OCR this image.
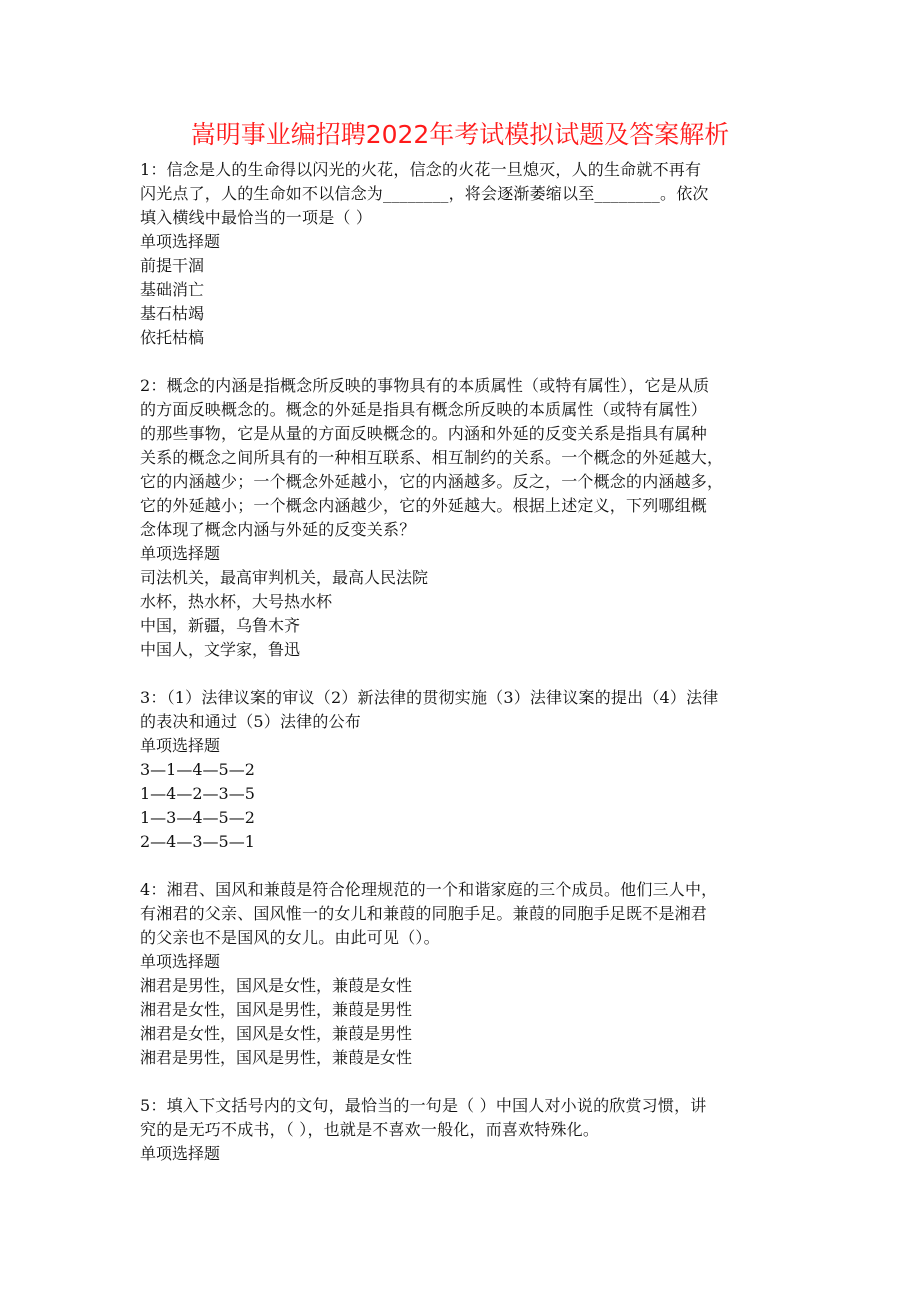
嵩明事业编招聘2022年考试模拟试题及答案解析
1：信念是人的生命得以闪光的火花，信念的火花一旦熄灭，人的生命就不再有
闪光点了，人的生命如不以信念为________，将会逐渐萎缩以至________。依次
填入横线中最恰当的一项是（ ）
单项选择题
前提干涸
基础消亡
基石枯竭
依托枯槁
2：概念的内涵是指概念所反映的事物具有的本质属性（或特有属性），它是从质
的方面反映概念的。概念的外延是指具有概念所反映的本质属性（或特有属性）
的那些事物，它是从量的方面反映概念的。内涵和外延的反变关系是指具有属种
关系的概念之间所具有的一种相互联系、相互制约的关系。一个概念的外延越大，
它的内涵越少；一个概念外延越小，它的内涵越多。反之，一个概念的内涵越多，
它的外延越小；一个概念内涵越少，它的外延越大。根据上述定义，下列哪组概
念体现了概念内涵与外延的反变关系？
单项选择题
司法机关，最高审判机关，最高人民法院
水杯，热水杯，大号热水杯
中国，新疆，乌鲁木齐
中国人，文学家，鲁迅
3：（1）法律议案的审议（2）新法律的贯彻实施（3）法律议案的提出（4）法律
的表决和通过（5）法律的公布
单项选择题
3—1—4—5—2
1—4—2—3—5
1—3—4—5—2
2—4—3—5—1
4：湘君、国风和兼葭是符合伦理规范的一个和谐家庭的三个成员。他们三人中，
有湘君的父亲、国风惟一的女儿和兼葭的同胞手足。兼葭的同胞手足既不是湘君
的父亲也不是国风的女儿。由此可见（）。
单项选择题
湘君是男性，国风是女性，兼葭是女性
湘君是女性，国风是男性，兼葭是男性
湘君是女性，国风是女性，兼葭是男性
湘君是男性，国风是男性，兼葭是女性
5：填入下文括号内的文句，最恰当的一句是（ ）中国人对小说的欣赏习惯，讲
究的是无巧不成书，（ ），也就是不喜欢一般化，而喜欢特殊化。
单项选择题
